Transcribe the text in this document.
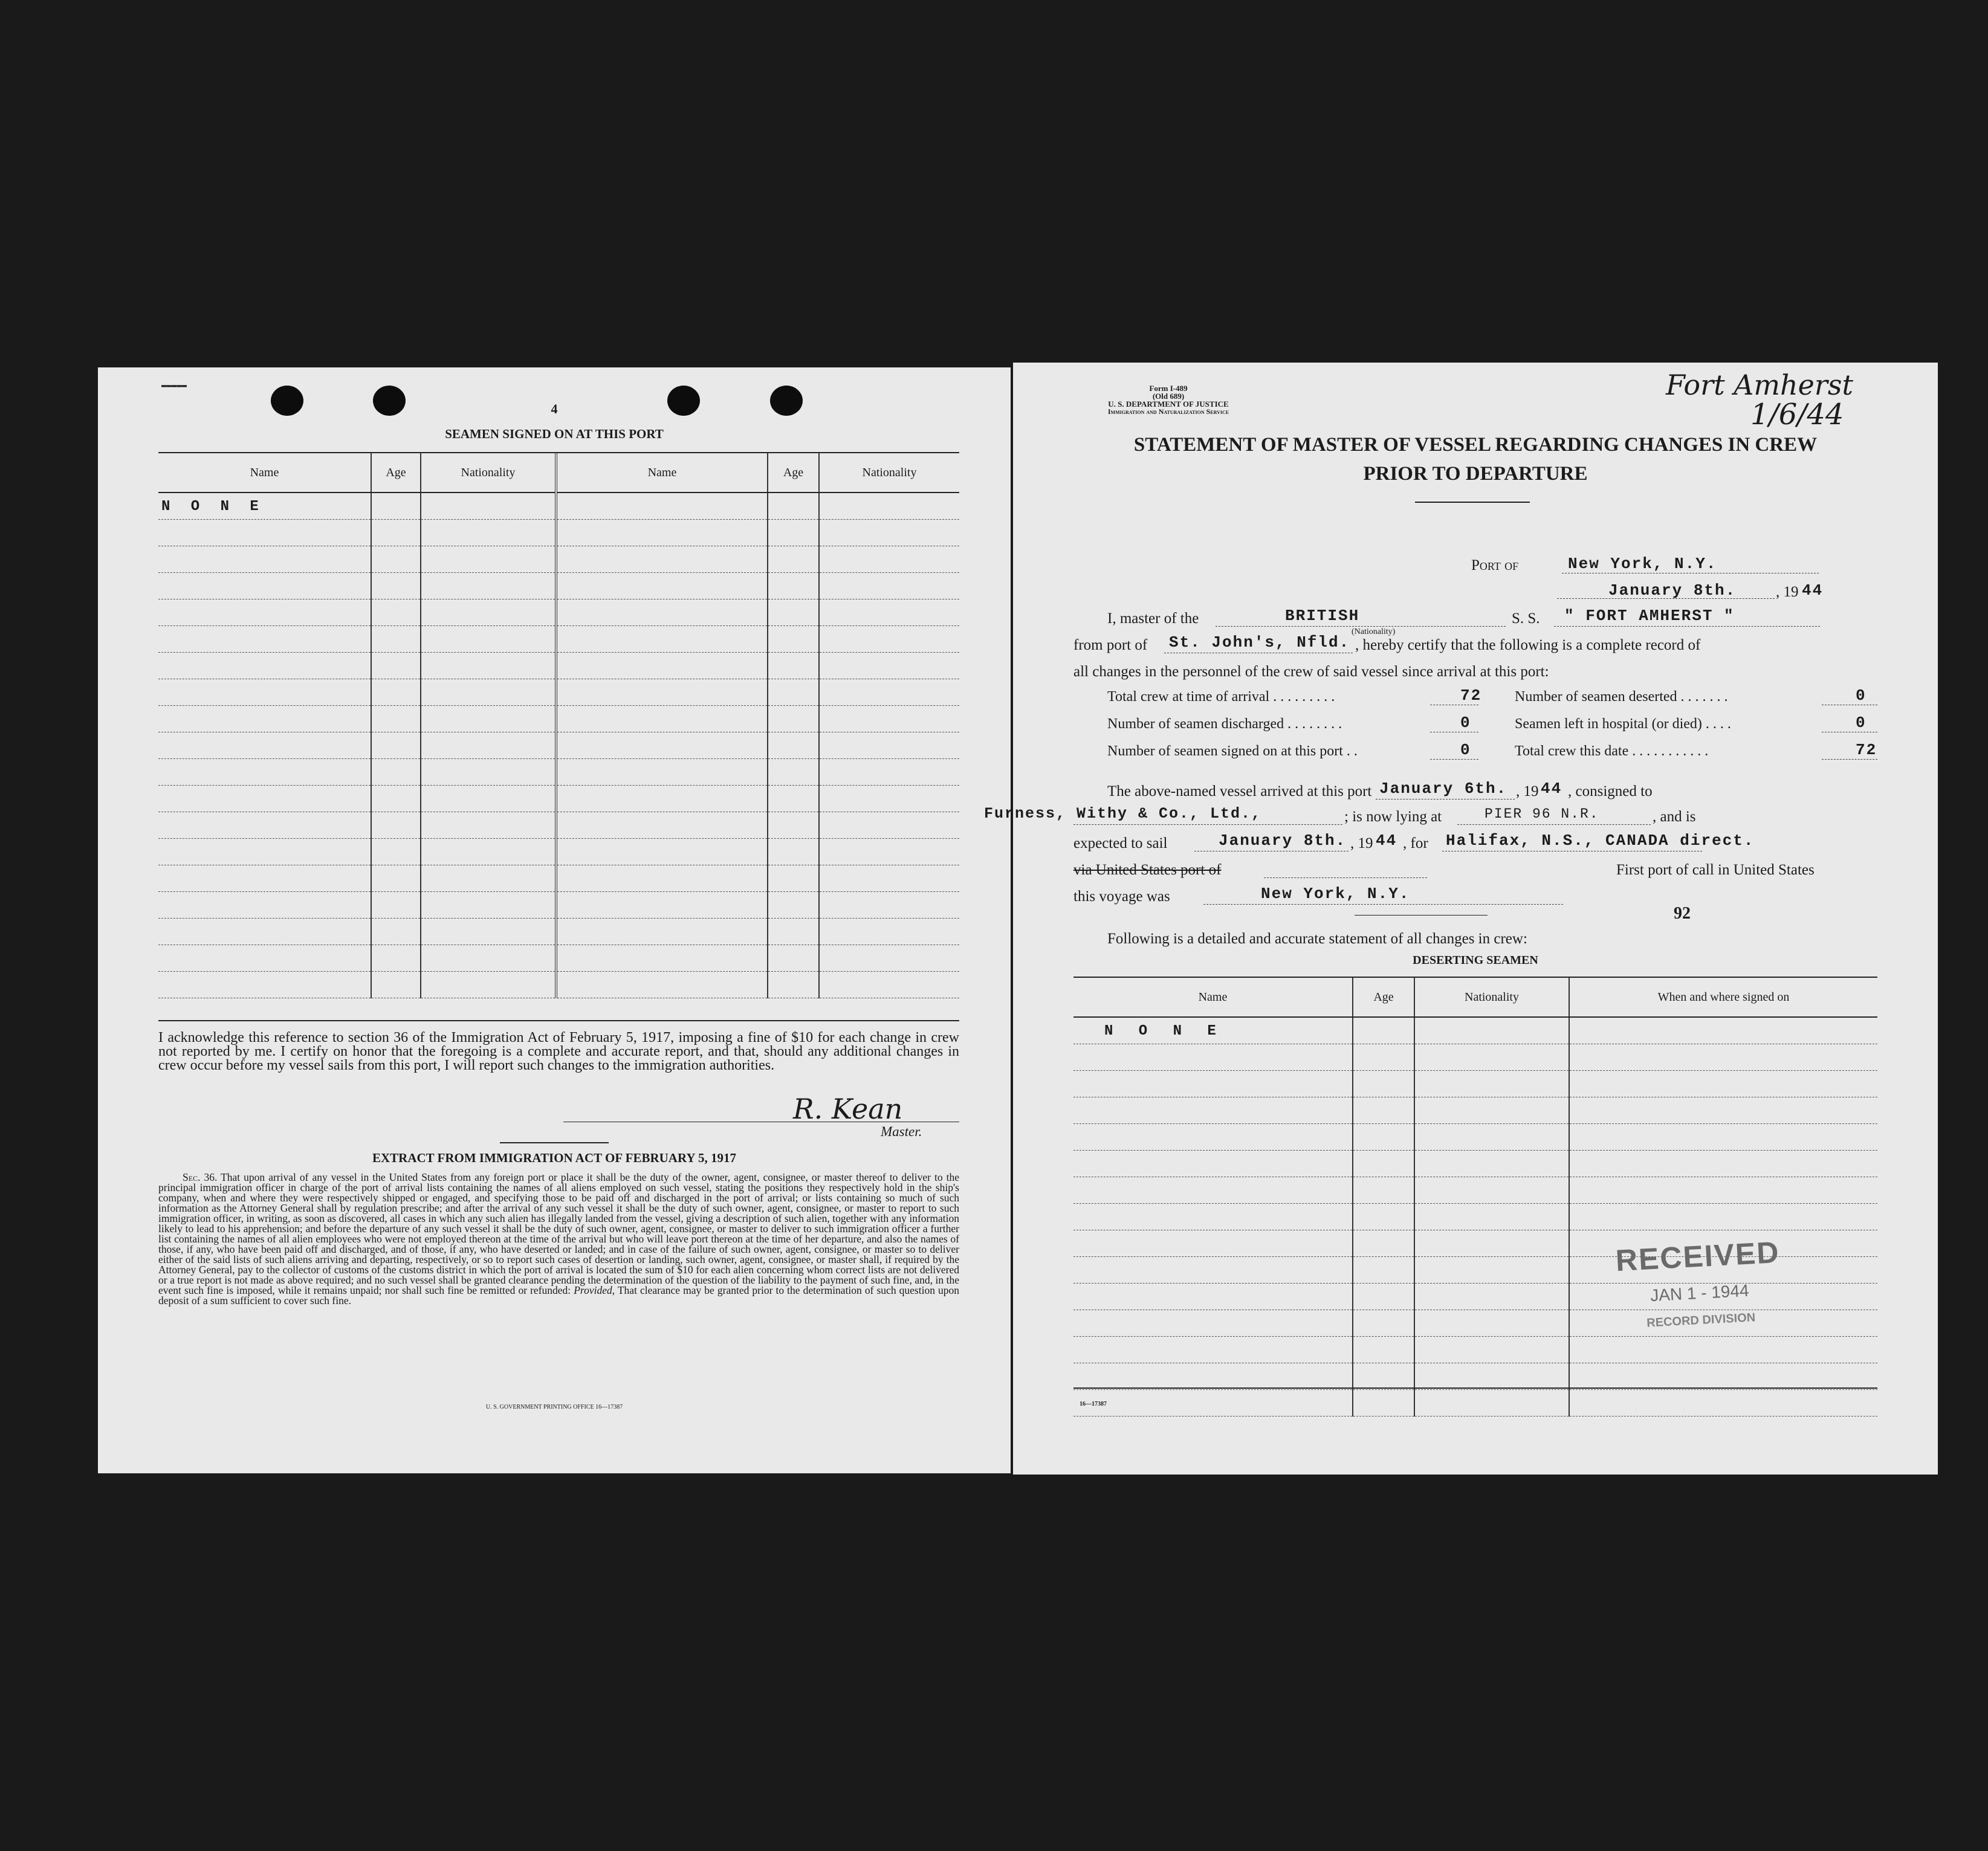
▬▬▬▬▬
4
SEAMEN SIGNED ON AT THIS PORT
Name	Age	Nationality	Name	Age	Nationality
N O N E					

I acknowledge this reference to section 36 of the Immigration Act of February 5, 1917, imposing a fine of $10 for each change in crew not reported by me. I certify on honor that the foregoing is a complete and accurate report, and that, should any additional changes in crew occur before my vessel sails from this port, I will report such changes to the immigration authorities.
R. Kean
Master.
EXTRACT FROM IMMIGRATION ACT OF FEBRUARY 5, 1917
Sec. 36. That upon arrival of any vessel in the United States from any foreign port or place it shall be the duty of the owner, agent, consignee, or master thereof to deliver to the principal immigration officer in charge of the port of arrival lists containing the names of all aliens employed on such vessel, stating the positions they respectively hold in the ship's company, when and where they were respectively shipped or engaged, and specifying those to be paid off and discharged in the port of arrival; or lists containing so much of such information as the Attorney General shall by regulation prescribe; and after the arrival of any such vessel it shall be the duty of such owner, agent, consignee, or master to report to such immigration officer, in writing, as soon as discovered, all cases in which any such alien has illegally landed from the vessel, giving a description of such alien, together with any information likely to lead to his apprehension; and before the departure of any such vessel it shall be the duty of such owner, agent, consignee, or master to deliver to such immigration officer a further list containing the names of all alien employees who were not employed thereon at the time of the arrival but who will leave port thereon at the time of her departure, and also the names of those, if any, who have been paid off and discharged, and of those, if any, who have deserted or landed; and in case of the failure of such owner, agent, consignee, or master so to deliver either of the said lists of such aliens arriving and departing, respectively, or so to report such cases of desertion or landing, such owner, agent, consignee, or master shall, if required by the Attorney General, pay to the collector of customs of the customs district in which the port of arrival is located the sum of $10 for each alien concerning whom correct lists are not delivered or a true report is not made as above required; and no such vessel shall be granted clearance pending the determination of the question of the liability to the payment of such fine, and, in the event such fine is imposed, while it remains unpaid; nor shall such fine be remitted or refunded: Provided, That clearance may be granted prior to the determination of such question upon deposit of a sum sufficient to cover such fine.
U. S. GOVERNMENT PRINTING OFFICE 16—17387
Form I-489
(Old 689)
U. S. DEPARTMENT OF JUSTICE
Immigration and Naturalization Service
Fort Amherst
1/6/44
STATEMENT OF MASTER OF VESSEL REGARDING CHANGES IN CREW
PRIOR TO DEPARTURE
Port of	New York, N.Y.
January 8th.	, 19 44
I, master of the	BRITISH
(Nationality)
S. S. " FORT AMHERST "
from port of St. John's, Nfld. , hereby certify that the following is a complete record of
all changes in the personnel of the crew of said vessel since arrival at this port:
Total crew at time of arrival . . . . . . . . .	72 Number of seamen deserted . . . . . . .	0
Number of seamen discharged . . . . . . . .	0	Seamen left in hospital (or died) . . . .	0
Number of seamen signed on at this port . .	0	Total crew this date . . . . . . . . . . .	72
The above-named vessel arrived at this port January 6th. , 19 44 , consigned to
Furness, Withy & Co., Ltd.,	; is now lying at	PIER 96 N.R.	, and is
expected to sail	January 8th. , 19 44 , for Halifax, N.S., CANADA direct.
via United States port of	First port of call in United States
this voyage was	New York, N.Y.
92
Following is a detailed and accurate statement of all changes in crew:
DESERTING SEAMEN
Name	Age	Nationality	When and where signed on
N O N E			

RECEIVED
JAN 1 - 1944
RECORD DIVISION
16—17387
